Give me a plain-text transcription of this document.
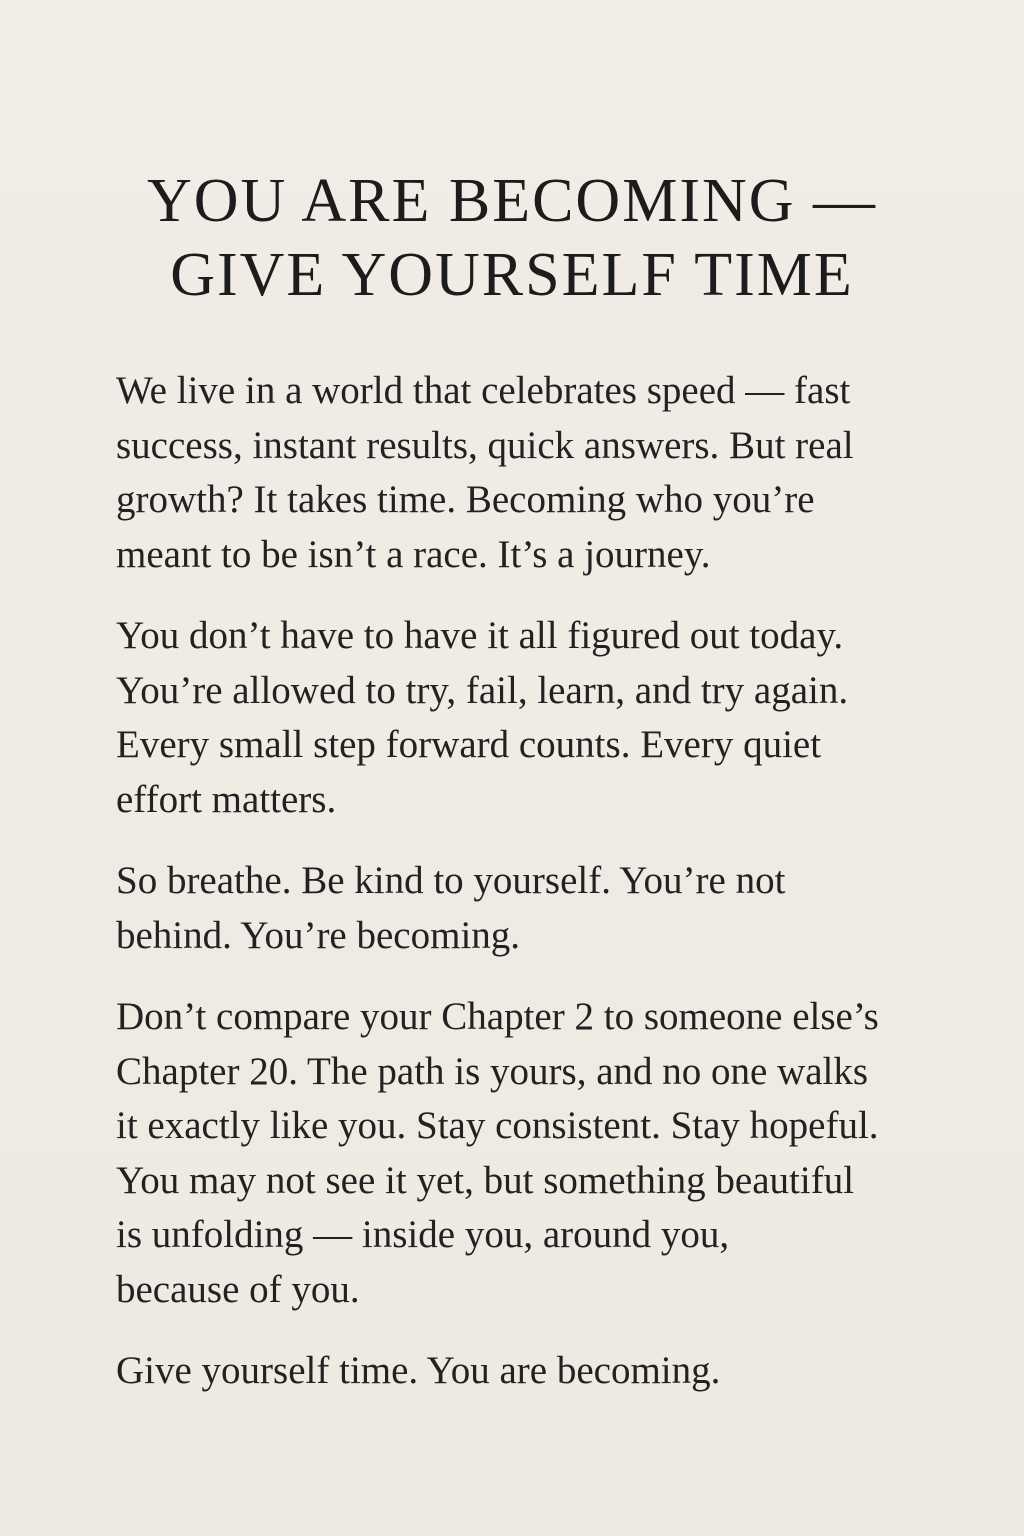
YOU ARE BECOMING —
GIVE YOURSELF TIME

We live in a world that celebrates speed — fast
success, instant results, quick answers. But real
growth? It takes time. Becoming who you’re
meant to be isn’t a race. It’s a journey.

You don’t have to have it all figured out today.
You’re allowed to try, fail, learn, and try again.
Every small step forward counts. Every quiet
effort matters.

So breathe. Be kind to yourself. You’re not
behind. You’re becoming.

Don’t compare your Chapter 2 to someone else’s
Chapter 20. The path is yours, and no one walks
it exactly like you. Stay consistent. Stay hopeful.
You may not see it yet, but something beautiful
is unfolding — inside you, around you,
because of you.

Give yourself time. You are becoming.
